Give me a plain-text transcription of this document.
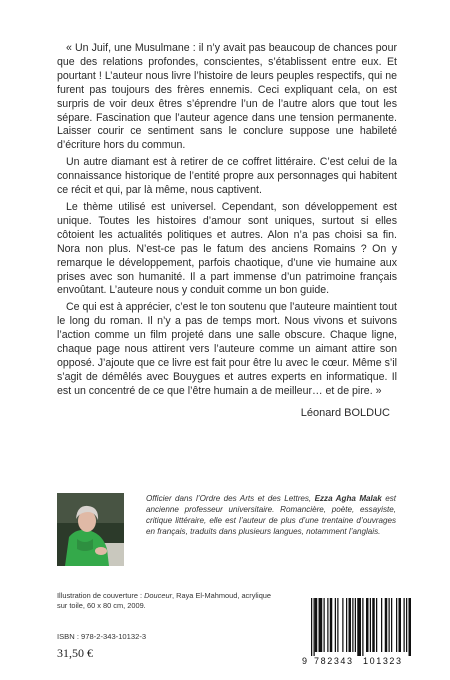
« Un Juif, une Musulmane : il n’y avait pas beaucoup de chances pour que des relations profondes, conscientes, s’établissent entre eux. Et pourtant ! L’auteur nous livre l’histoire de leurs peuples respectifs, qui ne furent pas toujours des frères ennemis. Ceci expliquant cela, on est surpris de voir deux êtres s’éprendre l’un de l’autre alors que tout les sépare. Fascination que l’auteur agence dans une tension permanente. Laisser courir ce sentiment sans le conclure suppose une habileté d’écriture hors du commun.

Un autre diamant est à retirer de ce coffret littéraire. C’est celui de la connaissance historique de l’entité propre aux personnages qui habitent ce récit et qui, par là même, nous captivent.

Le thème utilisé est universel. Cependant, son développement est unique. Toutes les histoires d’amour sont uniques, surtout si elles côtoient les actualités politiques et autres. Alon n’a pas choisi sa fin. Nora non plus. N’est-ce pas le fatum des anciens Romains ? On y remarque le développement, parfois chaotique, d’une vie humaine aux prises avec son humanité. Il a part immense d’un patrimoine français envoûtant. L’auteure nous y conduit comme un bon guide.

Ce qui est à apprécier, c’est le ton soutenu que l’auteure maintient tout le long du roman. Il n’y a pas de temps mort. Nous vivons et suivons l’action comme un film projeté dans une salle obscure. Chaque ligne, chaque page nous attirent vers l’auteure comme un aimant attire son opposé. J’ajoute que ce livre est fait pour être lu avec le cœur. Même s’il s’agit de démêlés avec Bouygues et autres experts en informatique. Il est un concentré de ce que l’être humain a de meilleur… et de pire. »

Léonard BOLDUC
Officier dans l’Ordre des Arts et des Lettres, Ezza Agha Malak est ancienne professeur universitaire. Romancière, poète, essayiste, critique littéraire, elle est l’auteur de plus d’une trentaine d’ouvrages en français, traduits dans plusieurs langues, notamment l’anglais.
Illustration de couverture : Douceur, Raya El-Mahmoud, acrylique sur toile, 60 x 80 cm, 2009.
ISBN : 978-2-343-10132-3
31,50 €
9 782343 101323
